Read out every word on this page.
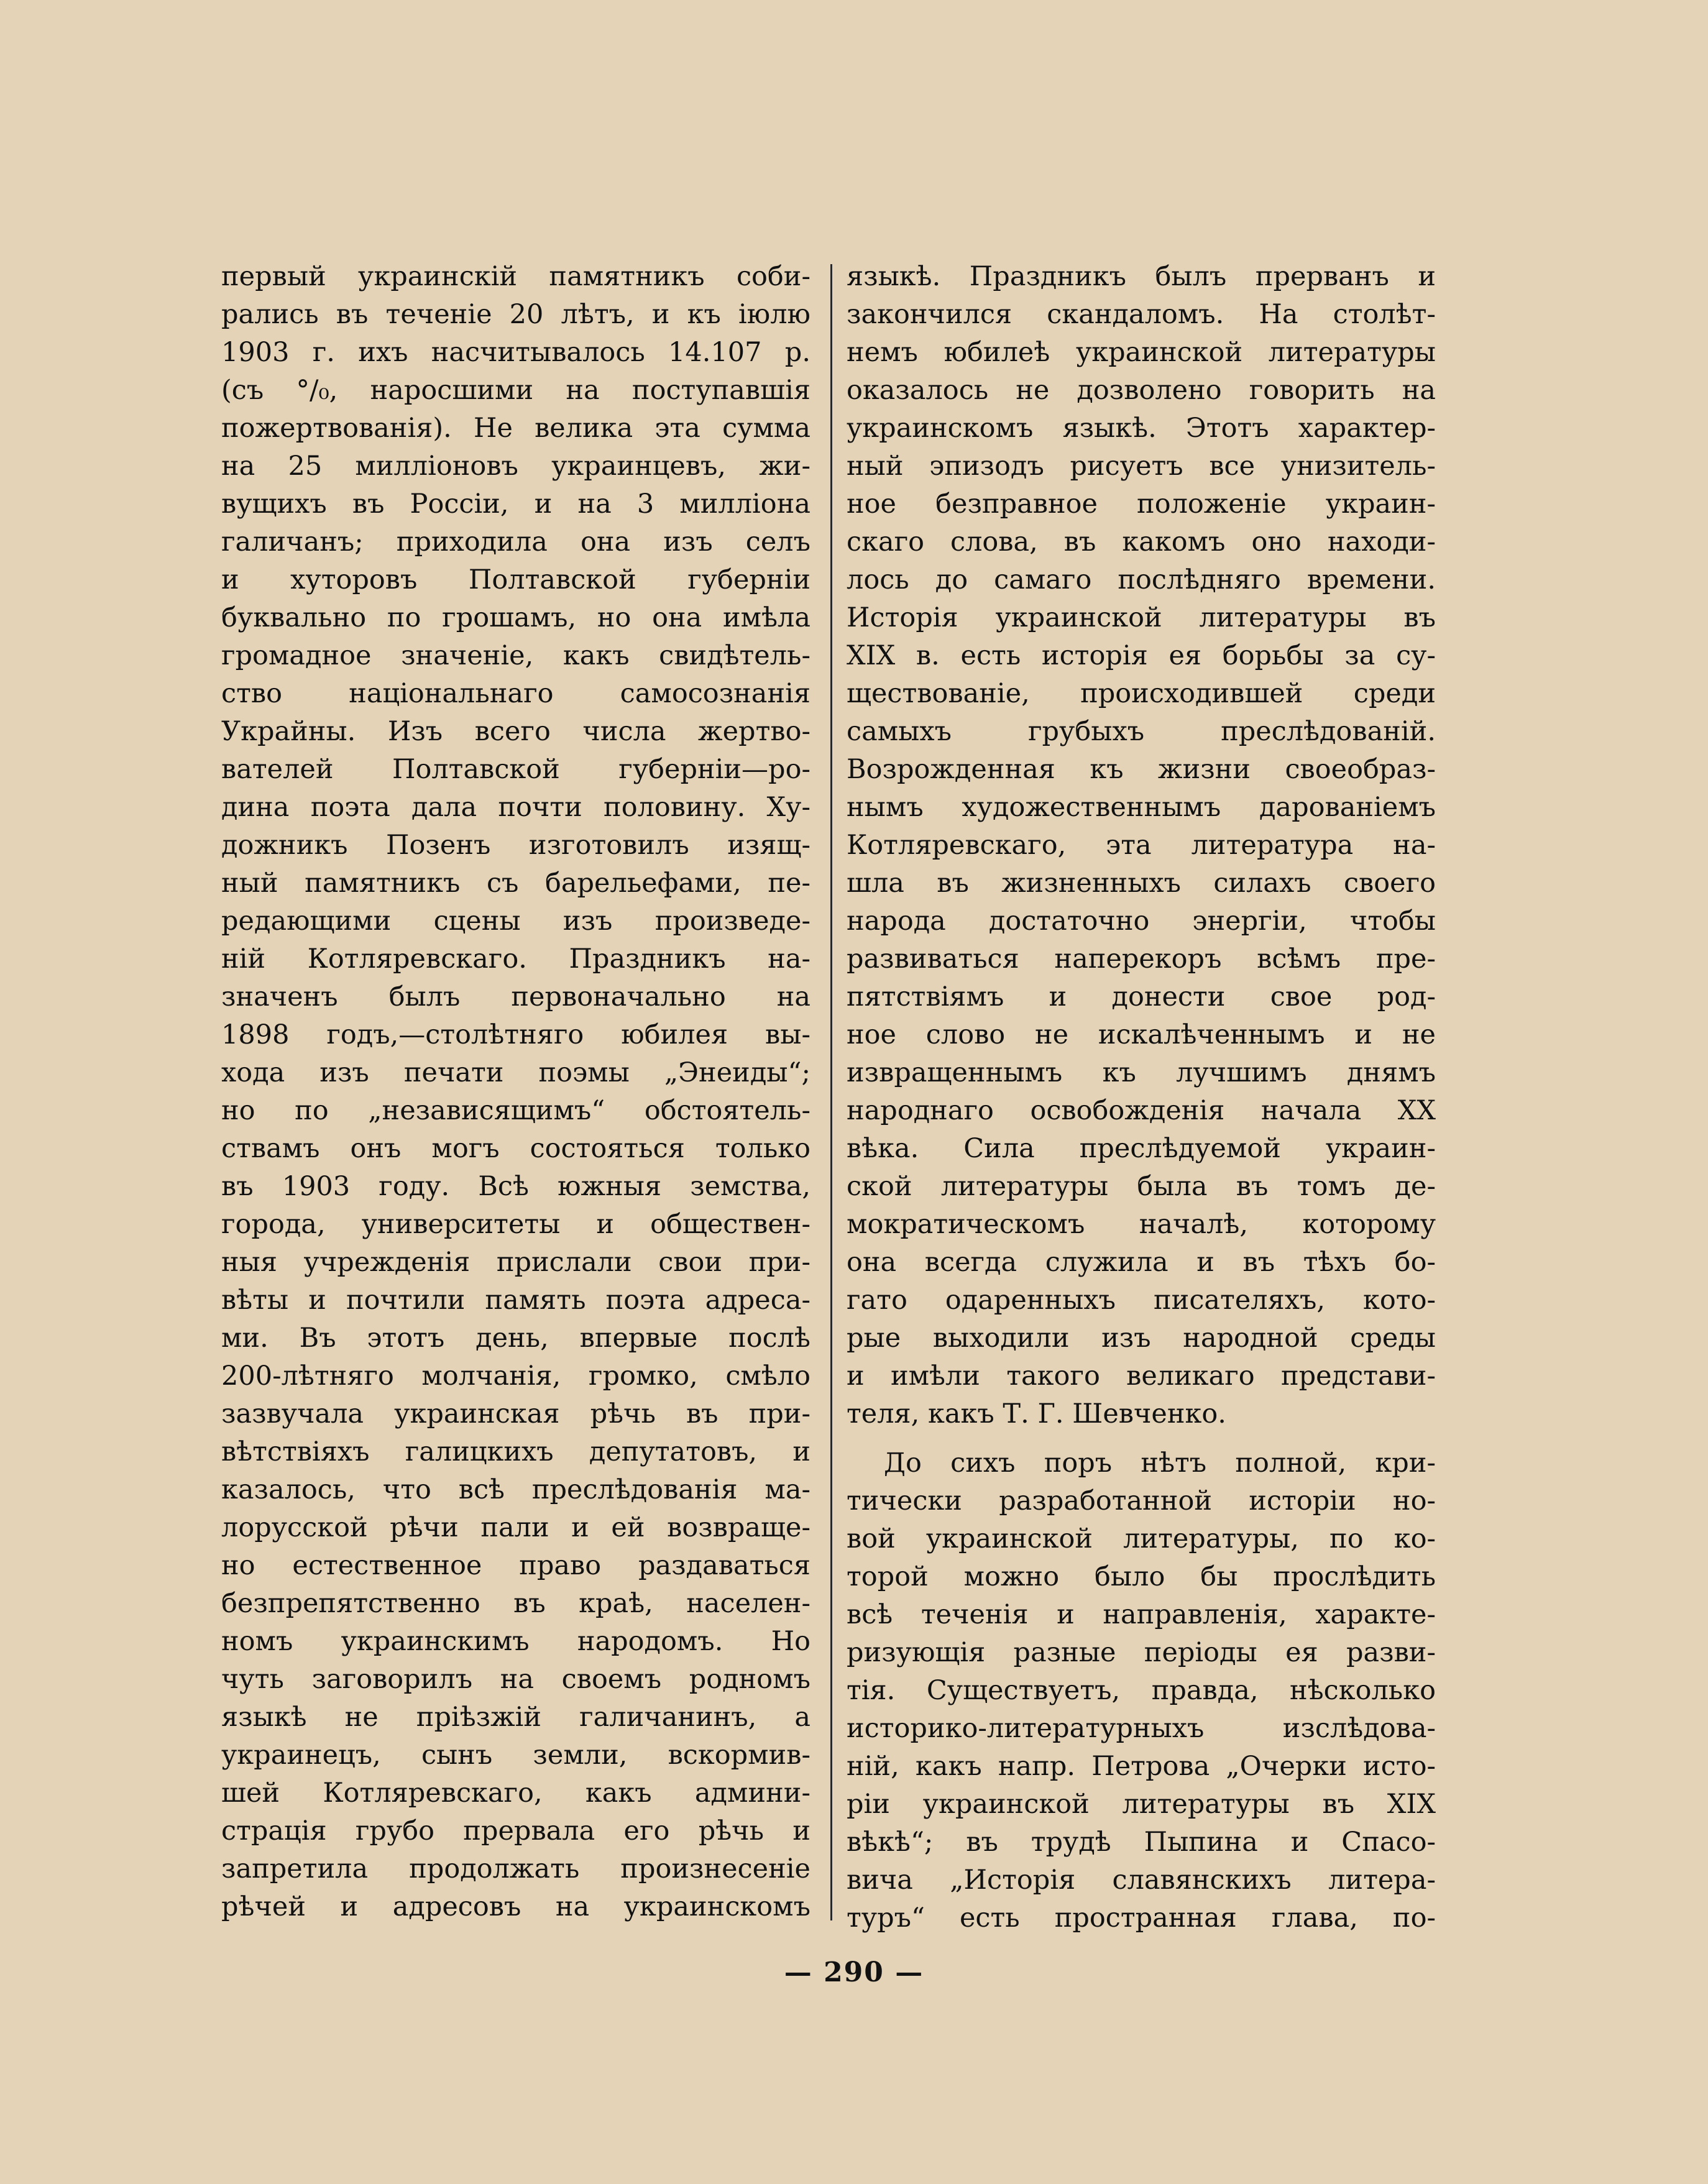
первый украинскій памятникъ соби-
рались въ теченіе 20 лѣтъ, и къ іюлю
1903 г. ихъ насчитывалось 14.107 р.
(съ °/₀, наросшими на поступавшія
пожертвованія). Не велика эта сумма
на 25 милліоновъ украинцевъ, жи-
вущихъ въ Россіи, и на 3 милліона
галичанъ; приходила она изъ селъ
и хуторовъ Полтавской губерніи
буквально по грошамъ, но она имѣла
громадное значеніе, какъ свидѣтель-
ство національнаго самосознанія
Украйны. Изъ всего числа жертво-
вателей Полтавской губерніи—ро-
дина поэта дала почти половину. Ху-
дожникъ Позенъ изготовилъ изящ-
ный памятникъ съ барельефами, пе-
редающими сцены изъ произведе-
ній Котляревскаго. Праздникъ на-
значенъ былъ первоначально на
1898 годъ,—столѣтняго юбилея вы-
хода изъ печати поэмы „Энеиды“;
но по „независящимъ“ обстоятель-
ствамъ онъ могъ состояться только
въ 1903 году. Всѣ южныя земства,
города, университеты и обществен-
ныя учрежденія прислали свои при-
вѣты и почтили память поэта адреса-
ми. Въ этотъ день, впервые послѣ
200-лѣтняго молчанія, громко, смѣло
зазвучала украинская рѣчь въ при-
вѣтствіяхъ галицкихъ депутатовъ, и
казалось, что всѣ преслѣдованія ма-
лорусской рѣчи пали и ей возвраще-
но естественное право раздаваться
безпрепятственно въ краѣ, населен-
номъ украинскимъ народомъ. Но
чуть заговорилъ на своемъ родномъ
языкѣ не пріѣзжій галичанинъ, а
украинецъ, сынъ земли, вскормив-
шей Котляревскаго, какъ админи-
страція грубо прервала его рѣчь и
запретила продолжать произнесеніе
рѣчей и адресовъ на украинскомъ
языкѣ. Праздникъ былъ прерванъ и
закончился скандаломъ. На столѣт-
немъ юбилеѣ украинской литературы
оказалось не дозволено говорить на
украинскомъ языкѣ. Этотъ характер-
ный эпизодъ рисуетъ все унизитель-
ное безправное положеніе украин-
скаго слова, въ какомъ оно находи-
лось до самаго послѣдняго времени.
Исторія украинской литературы въ
XIX в. есть исторія ея борьбы за су-
ществованіе, происходившей среди
самыхъ грубыхъ преслѣдованій.
Возрожденная къ жизни своеобраз-
нымъ художественнымъ дарованіемъ
Котляревскаго, эта литература на-
шла въ жизненныхъ силахъ своего
народа достаточно энергіи, чтобы
развиваться наперекоръ всѣмъ пре-
пятствіямъ и донести свое род-
ное слово не искалѣченнымъ и не
извращеннымъ къ лучшимъ днямъ
народнаго освобожденія начала XX
вѣка. Сила преслѣдуемой украин-
ской литературы была въ томъ де-
мократическомъ началѣ, которому
она всегда служила и въ тѣхъ бо-
гато одаренныхъ писателяхъ, кото-
рые выходили изъ народной среды
и имѣли такого великаго представи-
теля, какъ Т. Г. Шевченко.
До сихъ поръ нѣтъ полной, кри-
тически разработанной исторіи но-
вой украинской литературы, по ко-
торой можно было бы прослѣдить
всѣ теченія и направленія, характе-
ризующія разные періоды ея разви-
тія. Существуетъ, правда, нѣсколько
историко-литературныхъ изслѣдова-
ній, какъ напр. Петрова „Очерки исто-
ріи украинской литературы въ XIX
вѣкѣ“; въ трудѣ Пыпина и Спасо-
вича „Исторія славянскихъ литера-
туръ“ есть пространная глава, по-
— 290 —
